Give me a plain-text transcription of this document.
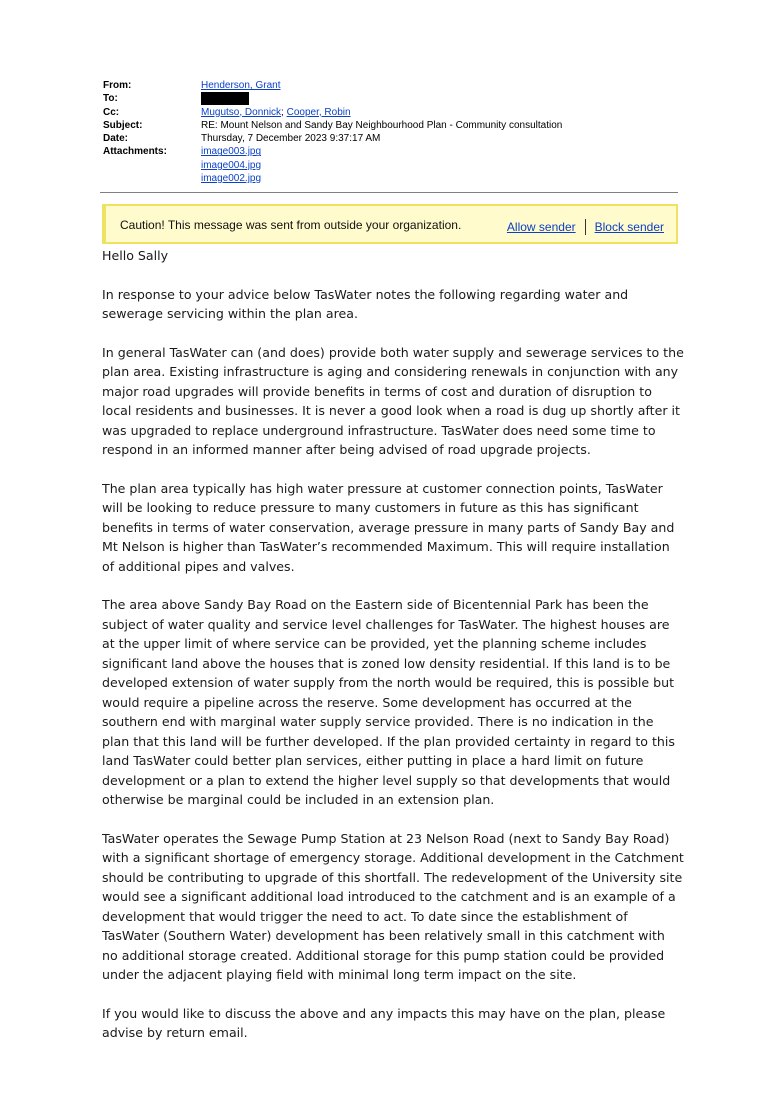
From:	Henderson, Grant
To:
Cc:	Mugutso, Donnick; Cooper, Robin
Subject:	RE: Mount Nelson and Sandy Bay Neighbourhood Plan - Community consultation
Date:	Thursday, 7 December 2023 9:37:17 AM
Attachments:	image003.jpg
image004.jpg
image002.jpg
Caution! This message was sent from outside your organization.	Allow sender Block sender

Hello Sally

In response to your advice below TasWater notes the following regarding water and sewerage servicing within the plan area.

In general TasWater can (and does) provide both water supply and sewerage services to the plan area. Existing infrastructure is aging and considering renewals in conjunction with any major road upgrades will provide benefits in terms of cost and duration of disruption to local residents and businesses. It is never a good look when a road is dug up shortly after it was upgraded to replace underground infrastructure. TasWater does need some time to respond in an informed manner after being advised of road upgrade projects.

The plan area typically has high water pressure at customer connection points, TasWater will be looking to reduce pressure to many customers in future as this has significant benefits in terms of water conservation, average pressure in many parts of Sandy Bay and Mt Nelson is higher than TasWater’s recommended Maximum. This will require installation of additional pipes and valves.

The area above Sandy Bay Road on the Eastern side of Bicentennial Park has been the subject of water quality and service level challenges for TasWater. The highest houses are at the upper limit of where service can be provided, yet the planning scheme includes significant land above the houses that is zoned low density residential. If this land is to be developed extension of water supply from the north would be required, this is possible but would require a pipeline across the reserve. Some development has occurred at the southern end with marginal water supply service provided. There is no indication in the plan that this land will be further developed. If the plan provided certainty in regard to this land TasWater could better plan services, either putting in place a hard limit on future development or a plan to extend the higher level supply so that developments that would otherwise be marginal could be included in an extension plan.

TasWater operates the Sewage Pump Station at 23 Nelson Road (next to Sandy Bay Road) with a significant shortage of emergency storage. Additional development in the Catchment should be contributing to upgrade of this shortfall. The redevelopment of the University site would see a significant additional load introduced to the catchment and is an example of a development that would trigger the need to act. To date since the establishment of TasWater (Southern Water) development has been relatively small in this catchment with no additional storage created. Additional storage for this pump station could be provided under the adjacent playing field with minimal long term impact on the site.

If you would like to discuss the above and any impacts this may have on the plan, please advise by return email.
